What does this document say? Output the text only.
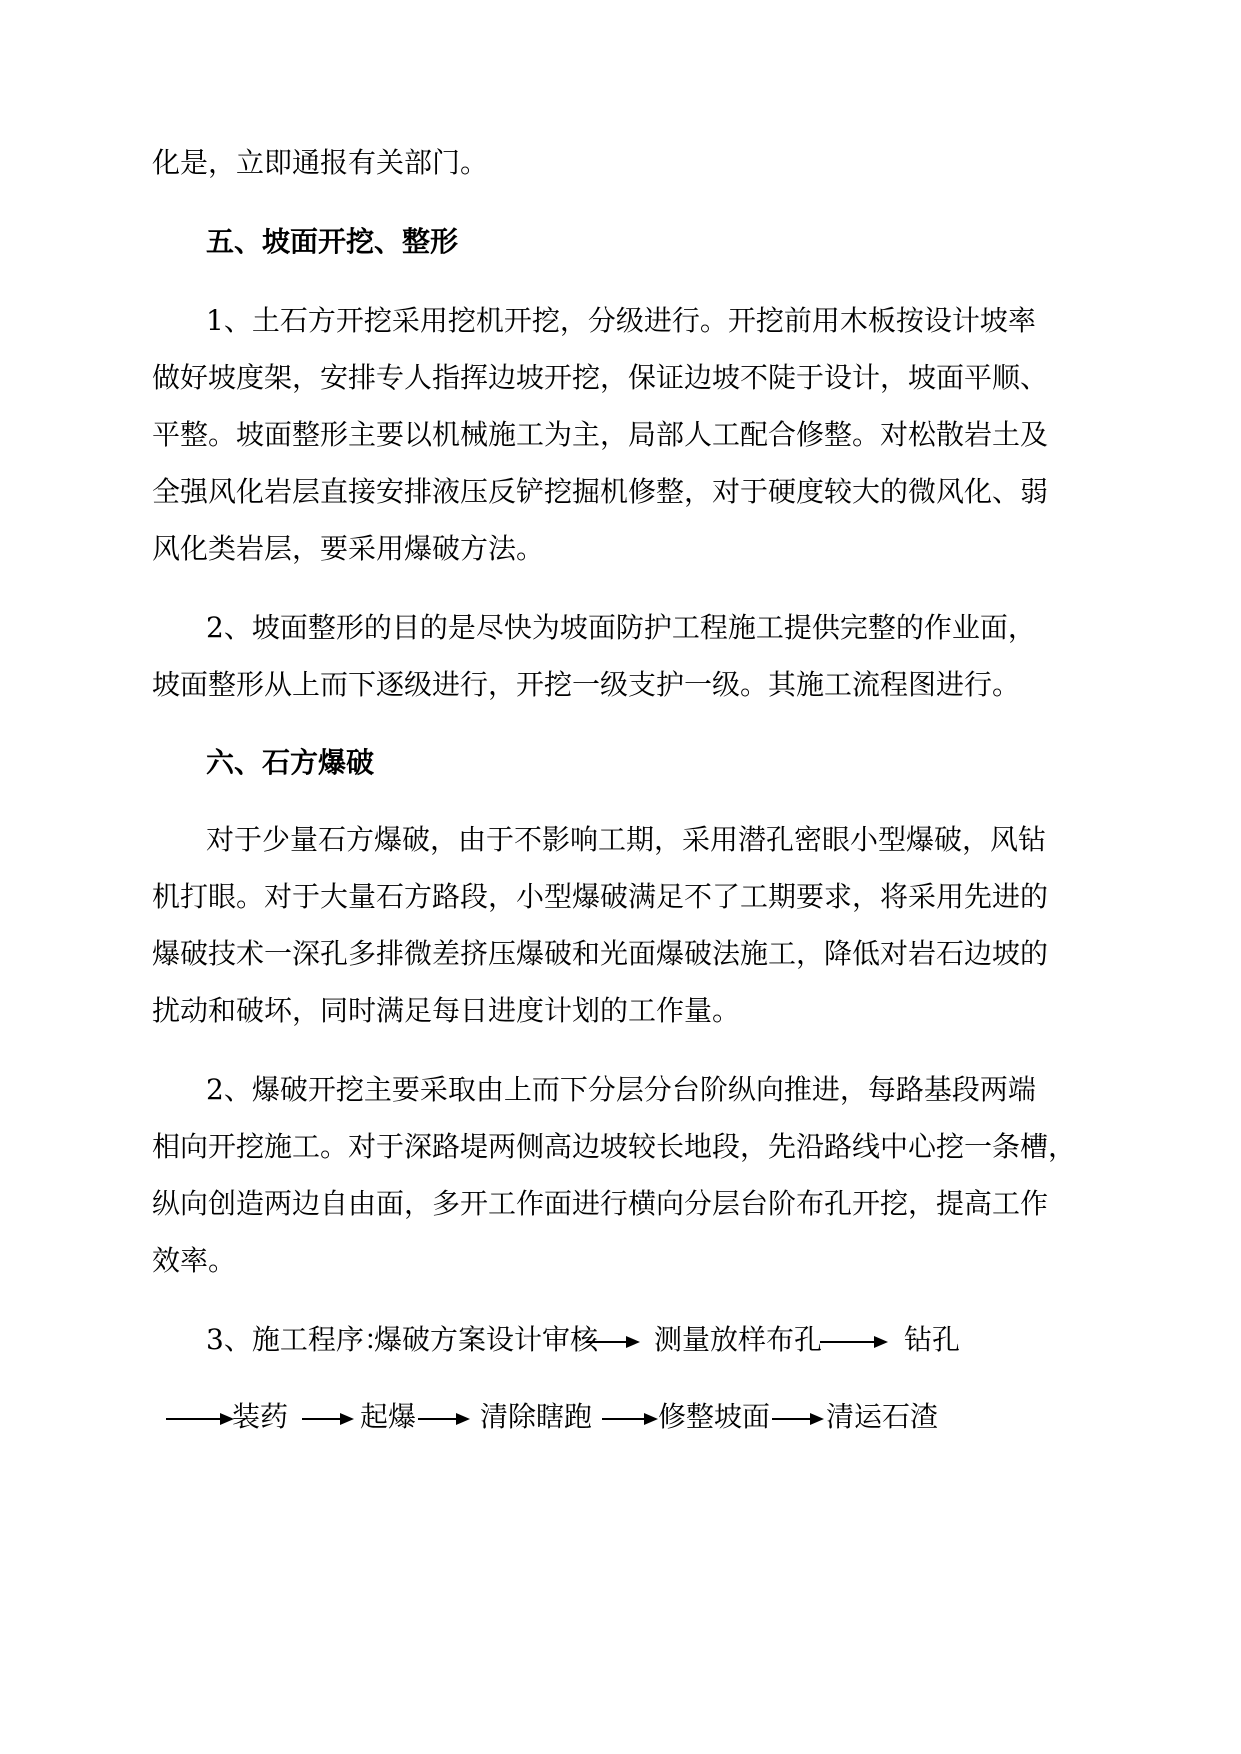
化是，立即通报有关部门。
五、坡面开挖、整形
1、土石方开挖采用挖机开挖，分级进行。开挖前用木板按设计坡率
做好坡度架，安排专人指挥边坡开挖，保证边坡不陡于设计，坡面平顺、
平整。坡面整形主要以机械施工为主，局部人工配合修整。对松散岩土及
全强风化岩层直接安排液压反铲挖掘机修整，对于硬度较大的微风化、弱
风化类岩层，要采用爆破方法。
2、坡面整形的目的是尽快为坡面防护工程施工提供完整的作业面，
坡面整形从上而下逐级进行，开挖一级支护一级。其施工流程图进行。
六、石方爆破
对于少量石方爆破，由于不影响工期，采用潜孔密眼小型爆破，风钻
机打眼。对于大量石方路段，小型爆破满足不了工期要求，将采用先进的
爆破技术一深孔多排微差挤压爆破和光面爆破法施工，降低对岩石边坡的
扰动和破坏，同时满足每日进度计划的工作量。
2、爆破开挖主要采取由上而下分层分台阶纵向推进，每路基段两端
相向开挖施工。对于深路堤两侧高边坡较长地段，先沿路线中心挖一条槽，
纵向创造两边自由面，多开工作面进行横向分层台阶布孔开挖，提高工作
效率。
3、施工程序：
爆破方案设计审核 测量放样布孔	钻孔
装药	起爆 清除瞎跑 修整坡面 清运石渣
